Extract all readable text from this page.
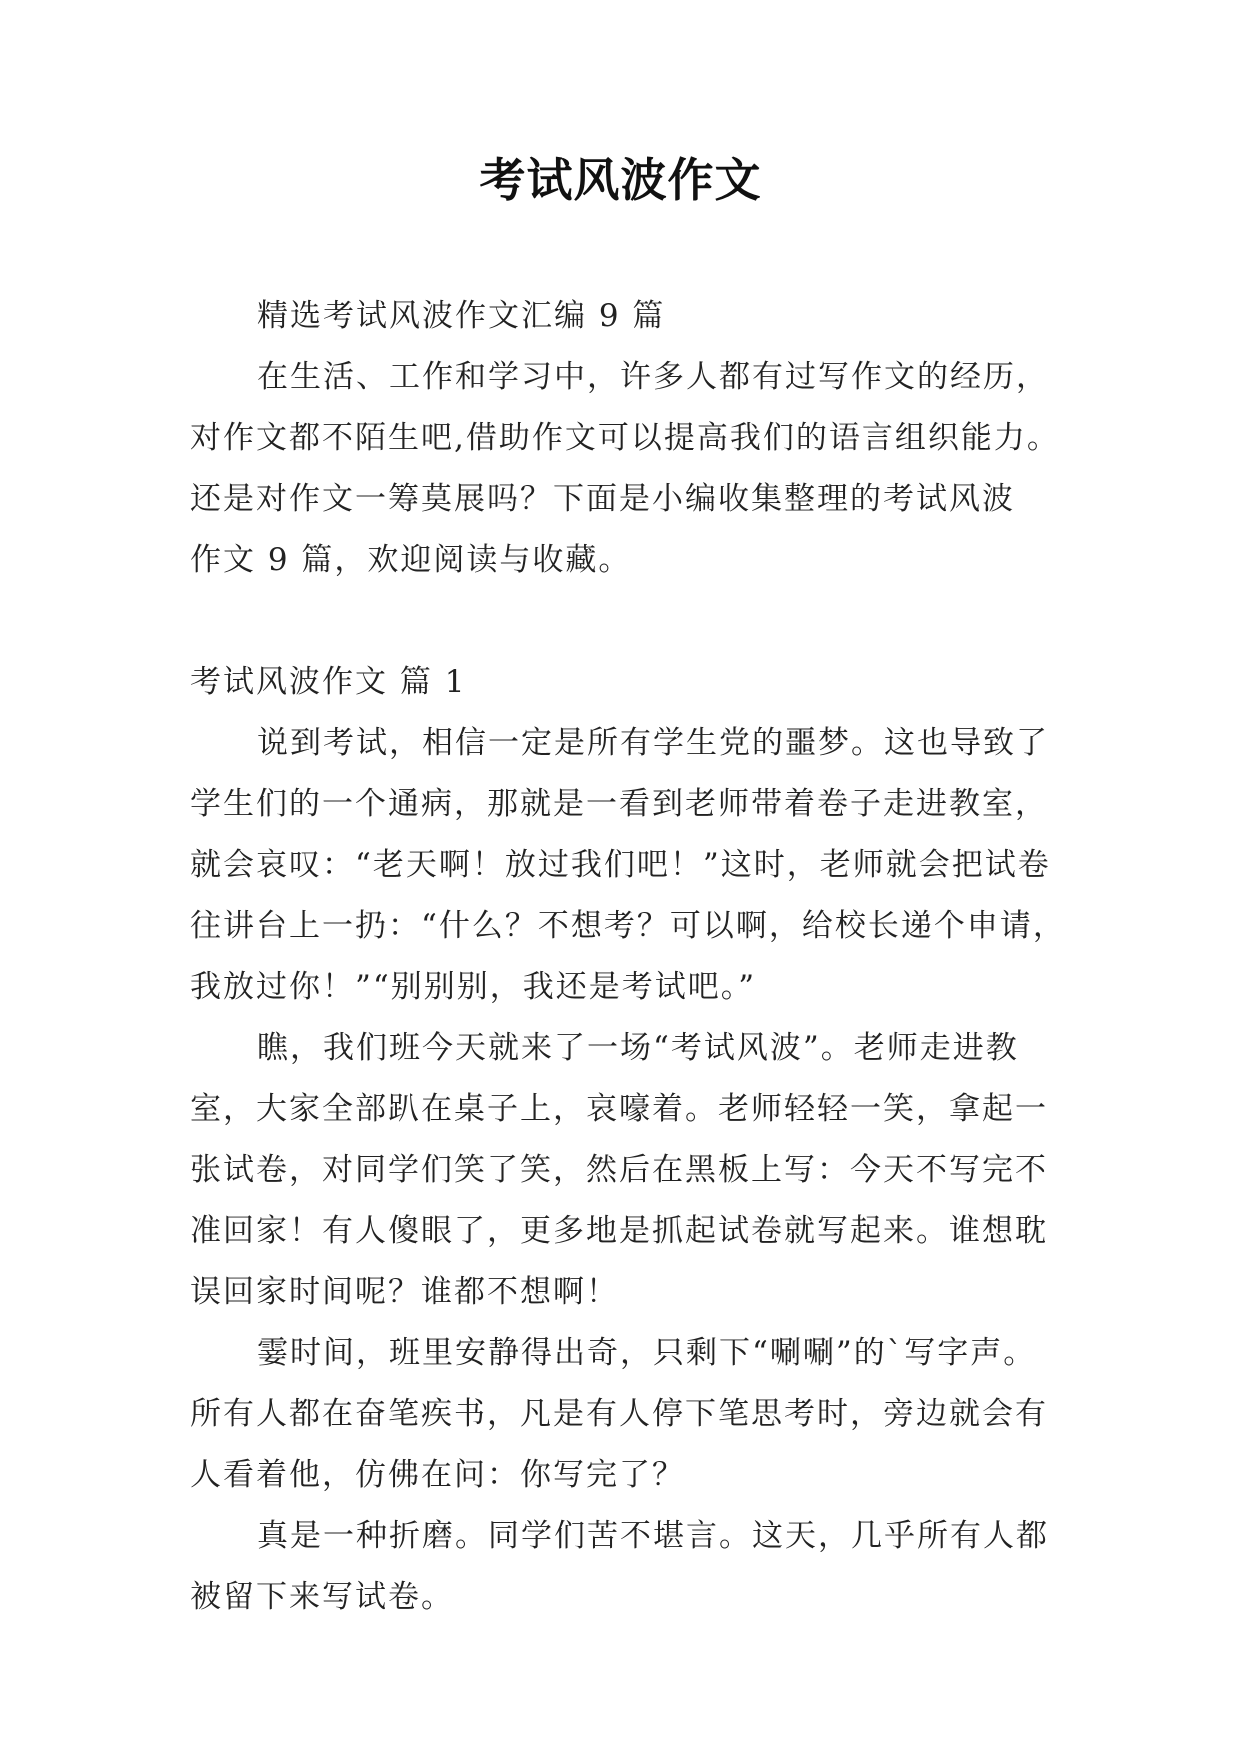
考试风波作文
精选考试风波作文汇编 9 篇
在生活、工作和学习中，许多人都有过写作文的经历，
对作文都不陌生吧,借助作文可以提高我们的语言组织能力。
还是对作文一筹莫展吗？下面是小编收集整理的考试风波
作文 9 篇，欢迎阅读与收藏。
考试风波作文 篇 1
说到考试，相信一定是所有学生党的噩梦。这也导致了
学生们的一个通病，那就是一看到老师带着卷子走进教室，
就会哀叹：“老天啊！放过我们吧！”这时，老师就会把试卷
往讲台上一扔：“什么？不想考？可以啊，给校长递个申请，
我放过你！”“别别别，我还是考试吧。”
瞧，我们班今天就来了一场“考试风波”。老师走进教
室，大家全部趴在桌子上，哀嚎着。老师轻轻一笑，拿起一
张试卷，对同学们笑了笑，然后在黑板上写：今天不写完不
准回家！有人傻眼了，更多地是抓起试卷就写起来。谁想耽
误回家时间呢？谁都不想啊！
霎时间，班里安静得出奇，只剩下“唰唰”的`写字声。
所有人都在奋笔疾书，凡是有人停下笔思考时，旁边就会有
人看着他，仿佛在问：你写完了？
真是一种折磨。同学们苦不堪言。这天，几乎所有人都
被留下来写试卷。
